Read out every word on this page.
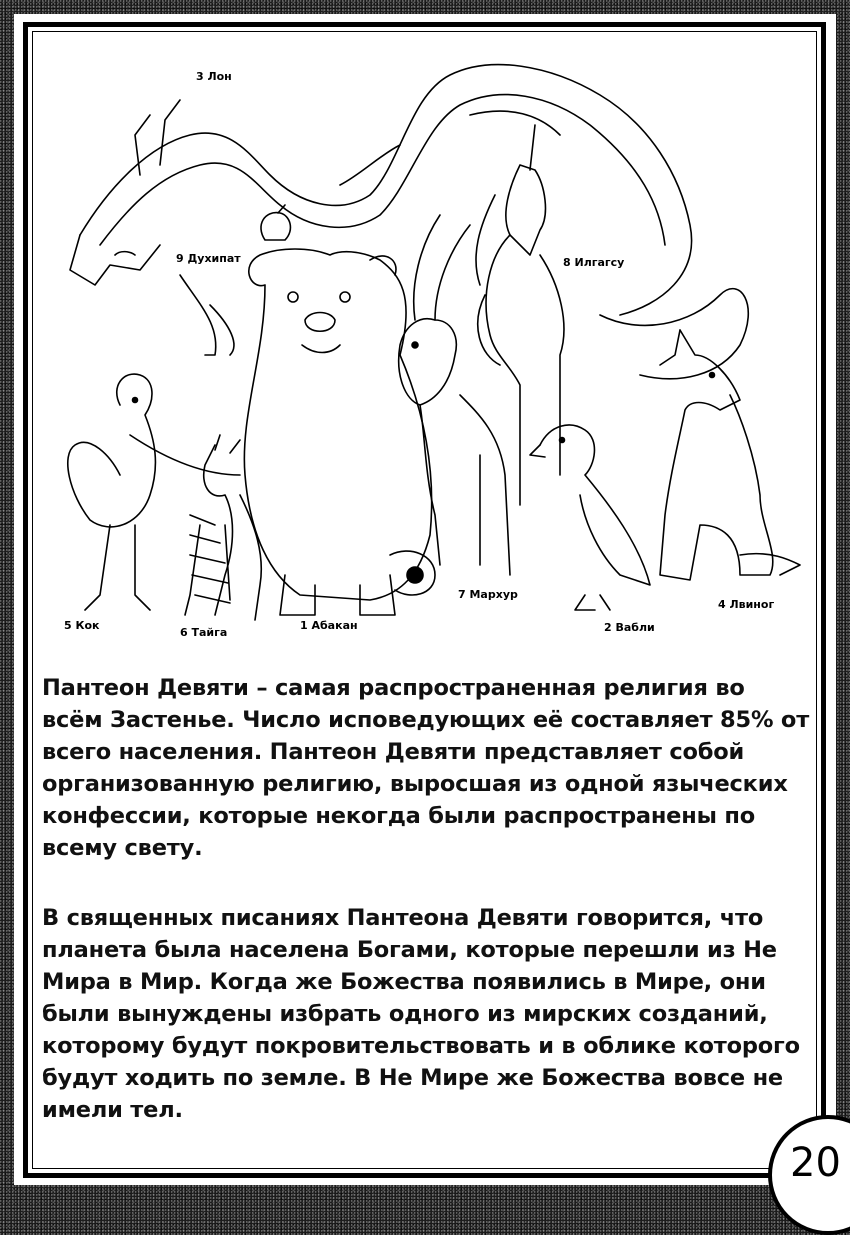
3 Лон
9 Духипат	8 Илгагсу
7 Мархур
4 Лвиног
5 Кок
6 Тайга
1 Абакан	2 Вабли

Пантеон Девяти – самая распространенная религия во всём Застенье. Число исповедующих её составляет 85% от всего населения. Пантеон Девяти представляет собой организованную религию, выросшая из одной языческих конфессии, которые некогда были распространены по всему свету.

В священных писаниях Пантеона Девяти говорится, что планета была населена Богами, которые перешли из Не Мира в Мир. Когда же Божества появились в Мире, они были вынуждены избрать одного из мирских созданий, которому будут покровительствовать и в облике которого будут ходить по земле. В Не Мире же Божества вовсе не имели тел.

20
